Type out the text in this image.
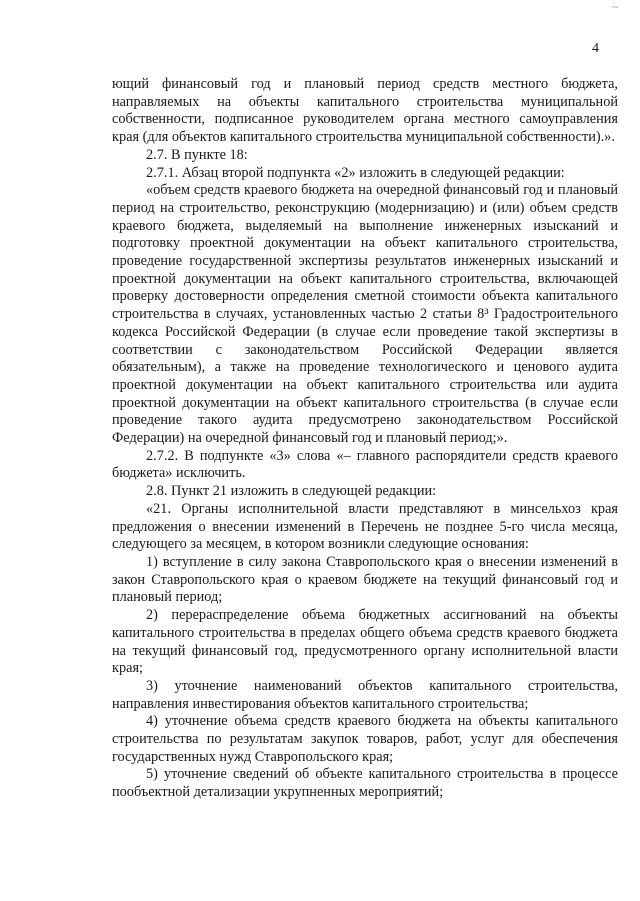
~
4

ющий финансовый год и плановый период средств местного бюджета, направляемых на объекты капитального строительства муниципальной собственности, подписанное руководителем органа местного самоуправления края (для объектов капитального строительства муниципальной собственности).».

2.7. В пункте 18:

2.7.1. Абзац второй подпункта «2» изложить в следующей редакции:

«объем средств краевого бюджета на очередной финансовый год и плановый период на строительство, реконструкцию (модернизацию) и (или) объем средств краевого бюджета, выделяемый на выполнение инженерных изысканий и подготовку проектной документации на объект капитального строительства, проведение государственной экспертизы результатов инженерных изысканий и проектной документации на объект капитального строительства, включающей проверку достоверности определения сметной стоимости объекта капитального строительства в случаях, установленных частью 2 статьи 8³ Градостроительного кодекса Российской Федерации (в случае если проведение такой экспертизы в соответствии с законодательством Российской Федерации является обязательным), а также на проведение технологического и ценового аудита проектной документации на объект капитального строительства или аудита проектной документации на объект капитального строительства (в случае если проведение такого аудита предусмотрено законодательством Российской Федерации) на очередной финансовый год и плановый период;».

2.7.2. В подпункте «3» слова «– главного распорядители средств краевого бюджета» исключить.

2.8. Пункт 21 изложить в следующей редакции:

«21. Органы исполнительной власти представляют в минсельхоз края предложения о внесении изменений в Перечень не позднее 5-го числа месяца, следующего за месяцем, в котором возникли следующие основания:

1) вступление в силу закона Ставропольского края о внесении изменений в закон Ставропольского края о краевом бюджете на текущий финансовый год и плановый период;

2) перераспределение объема бюджетных ассигнований на объекты капитального строительства в пределах общего объема средств краевого бюджета на текущий финансовый год, предусмотренного органу исполнительной власти края;

3) уточнение наименований объектов капитального строительства, направления инвестирования объектов капитального строительства;

4) уточнение объема средств краевого бюджета на объекты капитального строительства по результатам закупок товаров, работ, услуг для обеспечения государственных нужд Ставропольского края;

5) уточнение сведений об объекте капитального строительства в процессе пообъектной детализации укрупненных мероприятий;
